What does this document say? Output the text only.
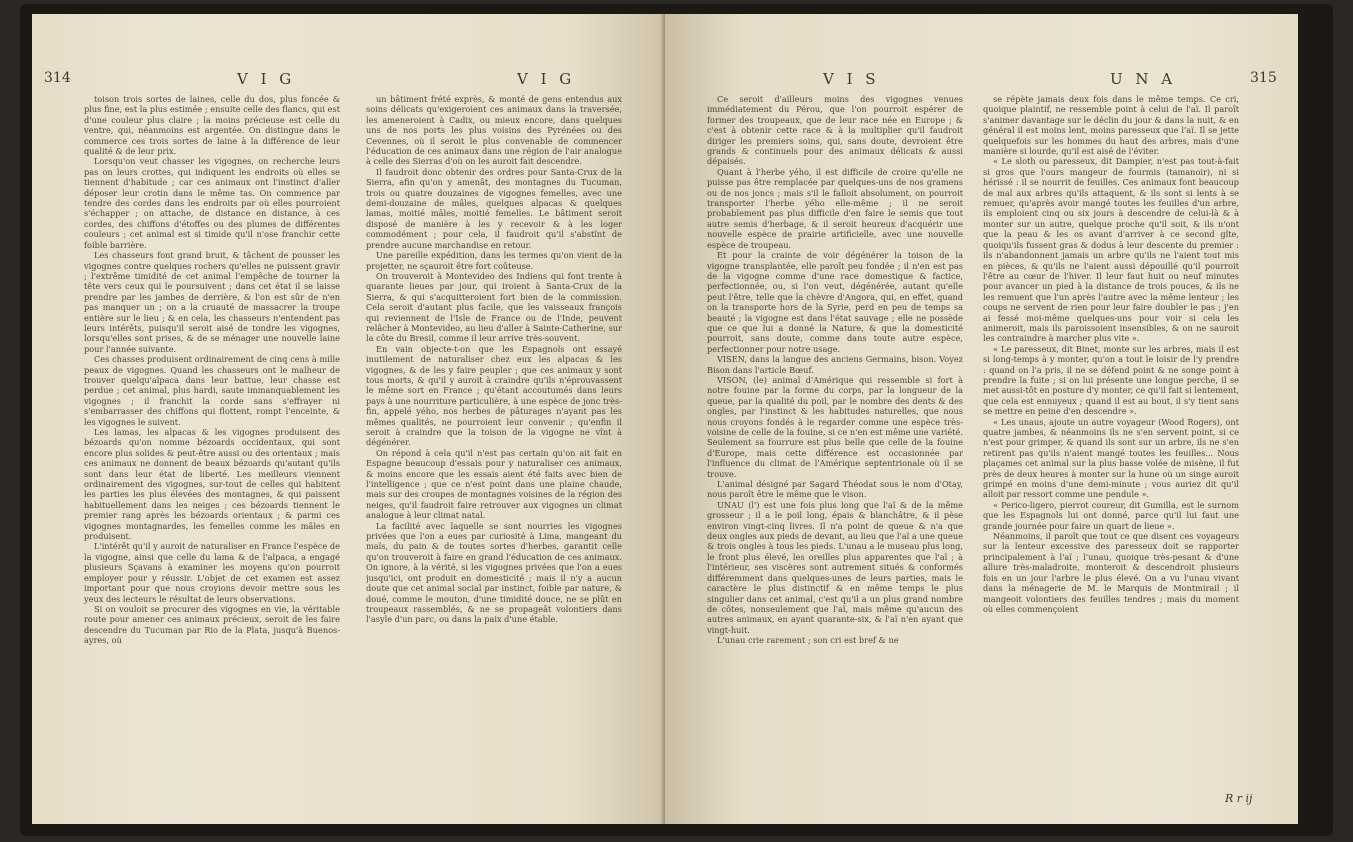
314	V I G	V I G

toison trois sortes de laines, celle du dos, plus foncée & plus fine, est la plus estimée ; ensuite celle des flancs, qui est d'une couleur plus claire ; la moins précieuse est celle du ventre, qui, néanmoins est argentée. On distingue dans le commerce ces trois sortes de laine à la différence de leur qualité & de leur prix.

Lorsqu'on veut chasser les vigognes, on recherche leurs pas on leurs crottes, qui indiquent les endroits où elles se tiennent d'habitude ; car ces animaux ont l'instinct d'aller déposer leur crotin dans le même tas. On commence par tendre des cordes dans les endroits par où elles pourroient s'échapper ; on attache, de distance en distance, à ces cordes, des chiffons d'étoffes ou des plumes de différentes couleurs ; cet animal est si timide qu'il n'ose franchir cette foible barrière.

Les chasseurs font grand bruit, & tâchent de pousser les vigognes contre quelques rochers qu'elles ne puissent gravir ; l'extrême timidité de cet animal l'empêche de tourner la tête vers ceux qui le poursuivent ; dans cet état il se laisse prendre par les jambes de derrière, & l'on est sûr de n'en pas manquer un ; on a la cruauté de massacrer la troupe entière sur le lieu ; & en cela, les chasseurs n'entendent pas leurs intérêts, puisqu'il seroit aisé de tondre les vigognes, lorsqu'elles sont prises, & de se ménager une nouvelle laine pour l'année suivante.

Ces chasses produisent ordinairement de cinq cens à mille peaux de vigognes. Quand les chasseurs ont le malheur de trouver quelqu'alpaca dans leur battue, leur chasse est perdue ; cet animal, plus hardi, saute immanquablement les vigognes ; il franchit la corde sans s'effrayer ni s'embarrasser des chiffons qui flottent, rompt l'enceinte, & les vigognes le suivent.

Les lamas, les alpacas & les vigognes produisent des bézoards qu'on nomme bézoards occidentaux, qui sont encore plus solides & peut-être aussi ou des orientaux ; mais ces animaux ne donnent de beaux bézoards qu'autant qu'ils sont dans leur état de liberté. Les meilleurs viennent ordinairement des vigognes, sur-tout de celles qui habitent les parties les plus élevées des montagnes, & qui paissent habituellement dans les neiges ; ces bézoards tiennent le premier rang après les bézoards orientaux ; & parmi ces vigognes montagnardes, les femelles comme les mâles en produisent.

L'intérêt qu'il y auroit de naturaliser en France l'espèce de la vigogne, ainsi que celle du lama & de l'alpaca, a engagé plusieurs Sçavans à examiner les moyens qu'on pourroit employer pour y réussir. L'objet de cet examen est assez important pour que nous croyions devoir mettre sous les yeux des lecteurs le résultat de leurs observations.

Si on vouloit se procurer des vigognes en vie, la véritable route pour amener ces animaux précieux, seroit de les faire descendre du Tucuman par Rio de la Plata, jusqu'à Buenos-ayres, où

un bâtiment frété exprès, & monté de gens entendus aux soins délicats qu'exigeroient ces animaux dans la traversée, les ameneroient à Cadix, ou mieux encore, dans quelques uns de nos ports les plus voisins des Pyrénées ou des Cevennes, où il seroit le plus convenable de commencer l'éducation de ces animaux dans une région de l'air analogue à celle des Sierras d'où on les auroit fait descendre.

Il faudroit donc obtenir des ordres pour Santa-Crux de la Sierra, afin qu'on y amenât, des montagnes du Tucuman, trois ou quatre douzaines de vigognes femelles, avec une demi-douzaine de mâles, quelques alpacas & quelques lamas, moitié mâles, moitié femelles. Le bâtiment seroit disposé de manière à les y recevoir & à les loger commodément ; pour cela, il faudroit qu'il s'abstînt de prendre aucune marchandise en retour.

Une pareille expédition, dans les termes qu'on vient de la projetter, ne sçauroit être fort coûteuse.

On trouveroit à Montevideo des Indiens qui font trente à quarante lieues par jour, qui iroient à Santa-Crux de la Sierra, & qui s'acquitteroient fort bien de la commission. Cela seroit d'autant plus facile, que les vaisseaux françois qui reviennent de l'Isle de France ou de l'Inde, peuvent relâcher à Montevideo, au lieu d'aller à Sainte-Catherine, sur la côte du Bresil, comme il leur arrive très-souvent.

En vain objecte-t-on que les Espagnols ont essayé inutilement de naturaliser chez eux les alpacas & les vigognes, & de les y faire peupler ; que ces animaux y sont tous morts, & qu'il y auroit à craindre qu'ils n'éprouvassent le même sort en France ; qu'étant accoutumés dans leurs pays à une nourriture particulière, à une espèce de jonc très-fin, appelé yého, nos herbes de pâturages n'ayant pas les mêmes qualités, ne pourroient leur convenir ; qu'enfin il seroit à craindre que la toison de la vigogne ne vînt à dégénérer.

On répond à cela qu'il n'est pas certain qu'on ait fait en Espagne beaucoup d'essais pour y naturaliser ces animaux, & moins encore que les essais aient été faits avec bien de l'intelligence ; que ce n'est point dans une plaine chaude, mais sur des croupes de montagnes voisines de la région des neiges, qu'il faudroit faire retrouver aux vigognes un climat analogue à leur climat natal.

La facilité avec laquelle se sont nourries les vigognes privées que l'on a eues par curiosité à Lima, mangeant du maïs, du pain & de toutes sortes d'herbes, garantit celle qu'on trouveroit à faire en grand l'éducation de ces animaux. On ignore, à la vérité, si les vigognes privées que l'on a eues jusqu'ici, ont produit en domesticité ; mais il n'y a aucun doute que cet animal social par instinct, foible par nature, & doué, comme le mouton, d'une timidité douce, ne se plût en troupeaux rassemblés, & ne se propageât volontiers dans l'asyle d'un parc, ou dans la paix d'une étable.

V I S	U N A	315

Ce seroit d'ailleurs moins des vigognes venues immédiatement du Pérou, que l'on pourroit espérer de former des troupeaux, que de leur race née en Europe ; & c'est à obtenir cette race & à la multiplier qu'il faudroit diriger les premiers soins, qui, sans doute, devroient être grands & continuels pour des animaux délicats & aussi dépaisés.

Quant à l'herbe yého, il est difficile de croire qu'elle ne puisse pas être remplacée par quelques-uns de nos gramens ou de nos joncs ; mais s'il le falloit absolument, on pourroit transporter l'herbe yého elle-même ; il ne seroit probablement pas plus difficile d'en faire le semis que tout autre semis d'herbage, & il seroit heureux d'acquérir une nouvelle espèce de prairie artificielle, avec une nouvelle espèce de troupeau.

Et pour la crainte de voir dégénérer la toison de la vigogne transplantée, elle paroît peu fondée ; il n'en est pas de la vigogne comme d'une race domestique & factice, perfectionnée, ou, si l'on veut, dégénérée, autant qu'elle peut l'être, telle que la chèvre d'Angora, qui, en effet, quand on la transporte hors de la Syrie, perd en peu de temps sa beauté ; la vigogne est dans l'état sauvage ; elle ne possède que ce que lui a donné la Nature, & que la domesticité pourroit, sans doute, comme dans toute autre espèce, perfectionner pour notre usage.

VISEN, dans la langue des anciens Germains, bison. Voyez Bison dans l'article Bœuf.

VISON, (le) animal d'Amérique qui ressemble si fort à notre fouine par la forme du corps, par la longueur de la queue, par la qualité du poil, par le nombre des dents & des ongles, par l'instinct & les habitudes naturelles, que nous nous croyons fondés à le regarder comme une espèce très-voisine de celle de la fouine, si ce n'en est même une variété. Seulement sa fourrure est plus belle que celle de la fouine d'Europe, mais cette différence est occasionnée par l'influence du climat de l'Amérique septentrionale où il se trouve.

L'animal désigné par Sagard Théodat sous le nom d'Otay, nous paroît être le même que le vison.

UNAU (l') est une fois plus long que l'aï & de la même grosseur ; il a le poil long, épais & blanchâtre, & il pèse environ vingt-cinq livres. Il n'a point de queue & n'a que deux ongles aux pieds de devant, au lieu que l'aï a une queue & trois ongles à tous les pieds. L'unau a le museau plus long, le front plus élevé, les oreilles plus apparentes que l'aï ; à l'intérieur, ses viscères sont autrement situés & conformés différemment dans quelques-unes de leurs parties, mais le caractère le plus distinctif & en même temps le plus singulier dans cet animal, c'est qu'il a un plus grand nombre de côtes, nonseulement que l'aï, mais même qu'aucun des autres animaux, en ayant quarante-six, & l'aï n'en ayant que vingt-huit.

L'unau crie rarement ; son cri est bref & ne

se répète jamais deux fois dans le même temps. Ce cri, quoique plaintif, ne ressemble point à celui de l'aï. Il paroît s'animer davantage sur le déclin du jour & dans la nuit, & en général il est moins lent, moins paresseux que l'aï. Il se jette quelquefois sur les hommes du haut des arbres, mais d'une manière si lourde, qu'il est aisé de l'éviter.

« Le sloth ou paresseux, dit Dampier, n'est pas tout-à-fait si gros que l'ours mangeur de fourmis (tamanoir), ni si hérissé : il se nourrit de feuilles. Ces animaux font beaucoup de mal aux arbres qu'ils attaquent, & ils sont si lents à se remuer, qu'après avoir mangé toutes les feuilles d'un arbre, ils emploient cinq ou six jours à descendre de celui-là & à monter sur un autre, quelque proche qu'il soit, & ils n'ont que la peau & les os avant d'arriver à ce second gîte, quoiqu'ils fussent gras & dodus à leur descente du premier : ils n'abandonnent jamais un arbre qu'ils ne l'aient tout mis en pièces, & qu'ils ne l'aient aussi dépouillé qu'il pourroit l'être au cœur de l'hiver. Il leur faut huit ou neuf minutes pour avancer un pied à la distance de trois pouces, & ils ne les remuent que l'un après l'autre avec la même lenteur ; les coups ne servent de rien pour leur faire doubler le pas ; j'en ai fessé moi-même quelques-uns pour voir si cela les animeroit, mais ils paroissoient insensibles, & on ne sauroit les contraindre à marcher plus vite ».

« Le paresseux, dit Binet, monte sur les arbres, mais il est si long-temps à y monter, qu'on a tout le loisir de l'y prendre : quand on l'a pris, il ne se défend point & ne songe point à prendre la fuite ; si on lui présente une longue perche, il se met aussi-tôt en posture d'y monter, ce qu'il fait si lentement, que cela est ennuyeux ; quand il est au bout, il s'y tient sans se mettre en peine d'en descendre ».

« Les unaus, ajoute un autre voyageur (Wood Rogers), ont quatre jambes, & néanmoins ils ne s'en servent point, si ce n'est pour grimper, & quand ils sont sur un arbre, ils ne s'en retirent pas qu'ils n'aient mangé toutes les feuilles... Nous plaçames cet animal sur la plus basse volée de misène, il fut près de deux heures à monter sur la hune où un singe auroit grimpé en moins d'une demi-minute ; vous auriez dit qu'il alloit par ressort comme une pendule ».

« Perico-ligero, pierrot coureur, dit Gumilla, est le surnom que les Espagnols lui ont donné, parce qu'il lui faut une grande journée pour faire un quart de lieue ».

Néanmoins, il paroît que tout ce que disent ces voyageurs sur la lenteur excessive des paresseux doit se rapporter principalement à l'aï ; l'unau, quoique très-pesant & d'une allure très-maladroite, monteroit & descendroit plusieurs fois en un jour l'arbre le plus élevé. On a vu l'unau vivant dans la ménagerie de M. le Marquis de Montmirail ; il mangeoit volontiers des feuilles tendres ; mais du moment où elles commençoient

R r ij
